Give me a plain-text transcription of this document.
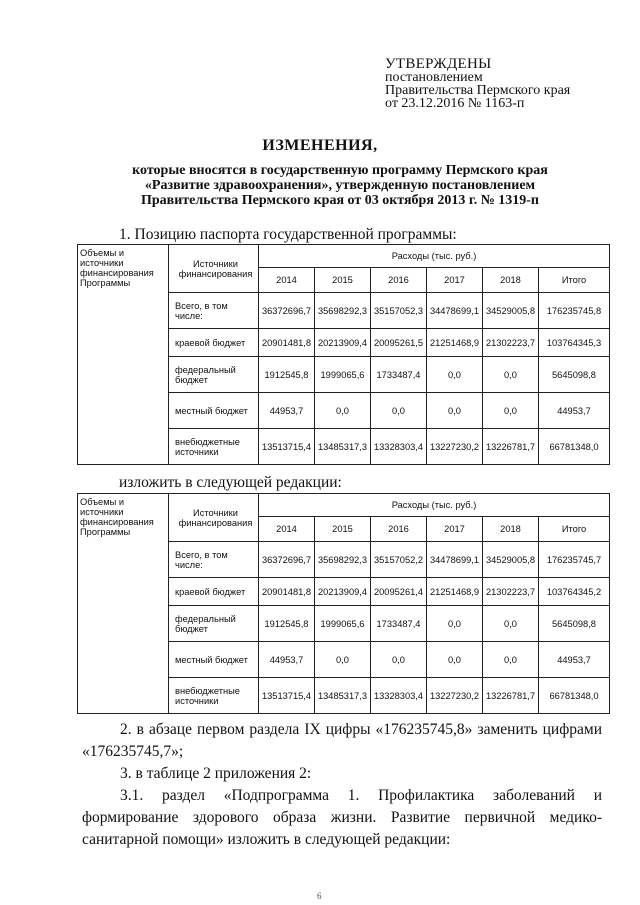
УТВЕРЖДЕНЫ
постановлением
Правительства Пермского края
от 23.12.2016 № 1163-п
ИЗМЕНЕНИЯ,
которые вносятся в государственную программу Пермского края
«Развитие здравоохранения», утвержденную постановлением
Правительства Пермского края от 03 октября 2013 г. № 1319-п
1. Позицию паспорта государственной программы:
Объемы и источники финансирования Программы	Источники финансирования	Расходы (тыс. руб.)					
		2014	2015	2016	2017	2018	Итого
	Всего, в том числе:	36372696,7	35698292,3	35157052,3	34478699,1	34529005,8	176235745,8
	краевой бюджет	20901481,8	20213909,4	20095261,5	21251468,9	21302223,7	103764345,3
	федеральный бюджет	1912545,8	1999065,6	1733487,4	0,0	0,0	5645098,8
	местный бюджет	44953,7	0,0	0,0	0,0	0,0	44953,7
	внебюджетные источники	13513715,4	13485317,3	13328303,4	13227230,2	13226781,7	66781348,0
изложить в следующей редакции:
Объемы и источники финансирования Программы	Источники финансирования	Расходы (тыс. руб.)					
		2014	2015	2016	2017	2018	Итого
	Всего, в том числе:	36372696,7	35698292,3	35157052,2	34478699,1	34529005,8	176235745,7
	краевой бюджет	20901481,8	20213909,4	20095261,4	21251468,9	21302223,7	103764345,2
	федеральный бюджет	1912545,8	1999065,6	1733487,4	0,0	0,0	5645098,8
	местный бюджет	44953,7	0,0	0,0	0,0	0,0	44953,7
	внебюджетные источники	13513715,4	13485317,3	13328303,4	13227230,2	13226781,7	66781348,0
2. в абзаце первом раздела IX цифры «176235745,8» заменить цифрами «176235745,7»;
3. в таблице 2 приложения 2:
3.1. раздел «Подпрограмма 1. Профилактика заболеваний и формирование здорового образа жизни. Развитие первичной медико-санитарной помощи» изложить в следующей редакции:
6
